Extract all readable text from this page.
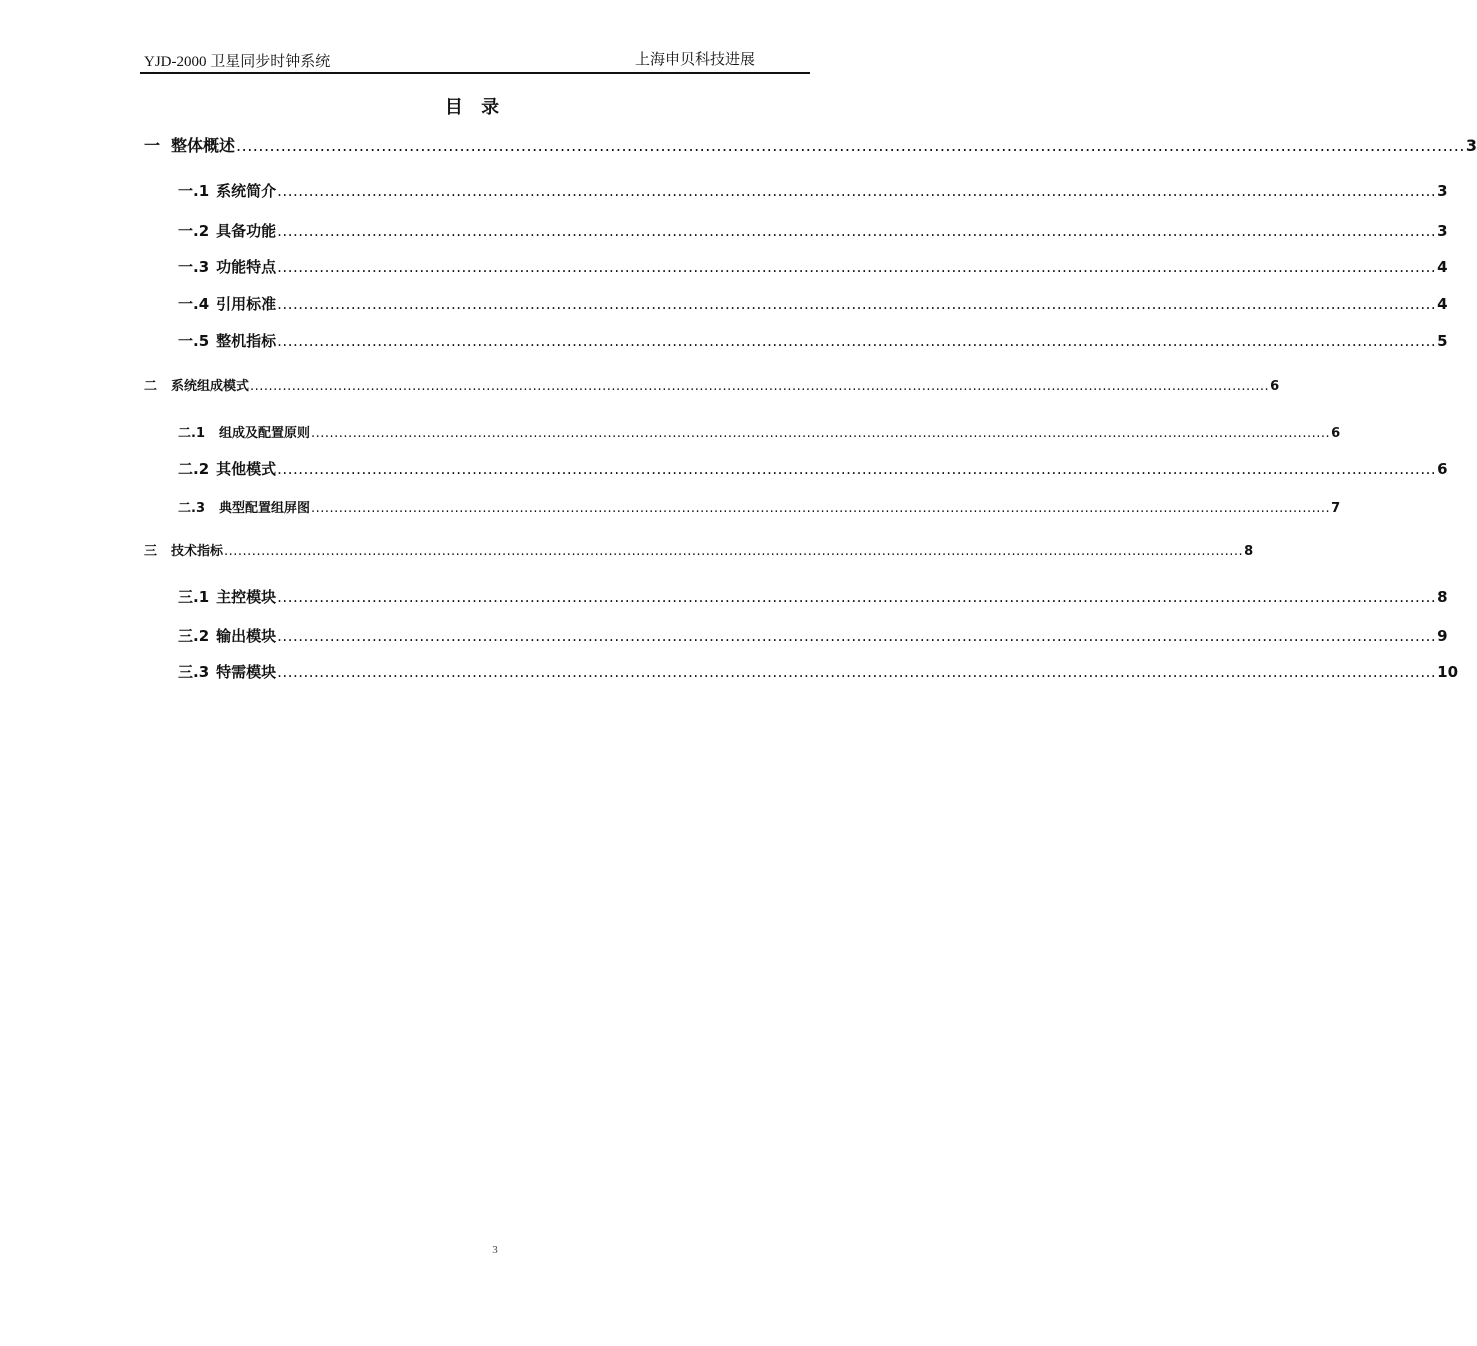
YJD-2000 卫星同步时钟系统	上海申贝科技进展
目 录
一 整体概述 ............................................................................................................................................................................................................................ 3
一.1 系统简介 ............................................................................................................................................................................................................................ 3
一.2 具备功能 ............................................................................................................................................................................................................................ 3
一.3 功能特点 ............................................................................................................................................................................................................................ 4
一.4 引用标准 ............................................................................................................................................................................................................................ 4
一.5 整机指标 ............................................................................................................................................................................................................................ 5
二	系统组成模式 ............................................................................................................................................................................................................................ 6
二.1	组成及配置原则 ............................................................................................................................................................................................................................ 6
二.2 其他模式 ............................................................................................................................................................................................................................ 6
二.3	典型配置组屏图 ............................................................................................................................................................................................................................ 7
三	技术指标 ............................................................................................................................................................................................................................ 8
三.1 主控模块 ............................................................................................................................................................................................................................ 8
三.2 输出模块 ............................................................................................................................................................................................................................ 9
三.3 特需模块 ............................................................................................................................................................................................................................ 10
3
